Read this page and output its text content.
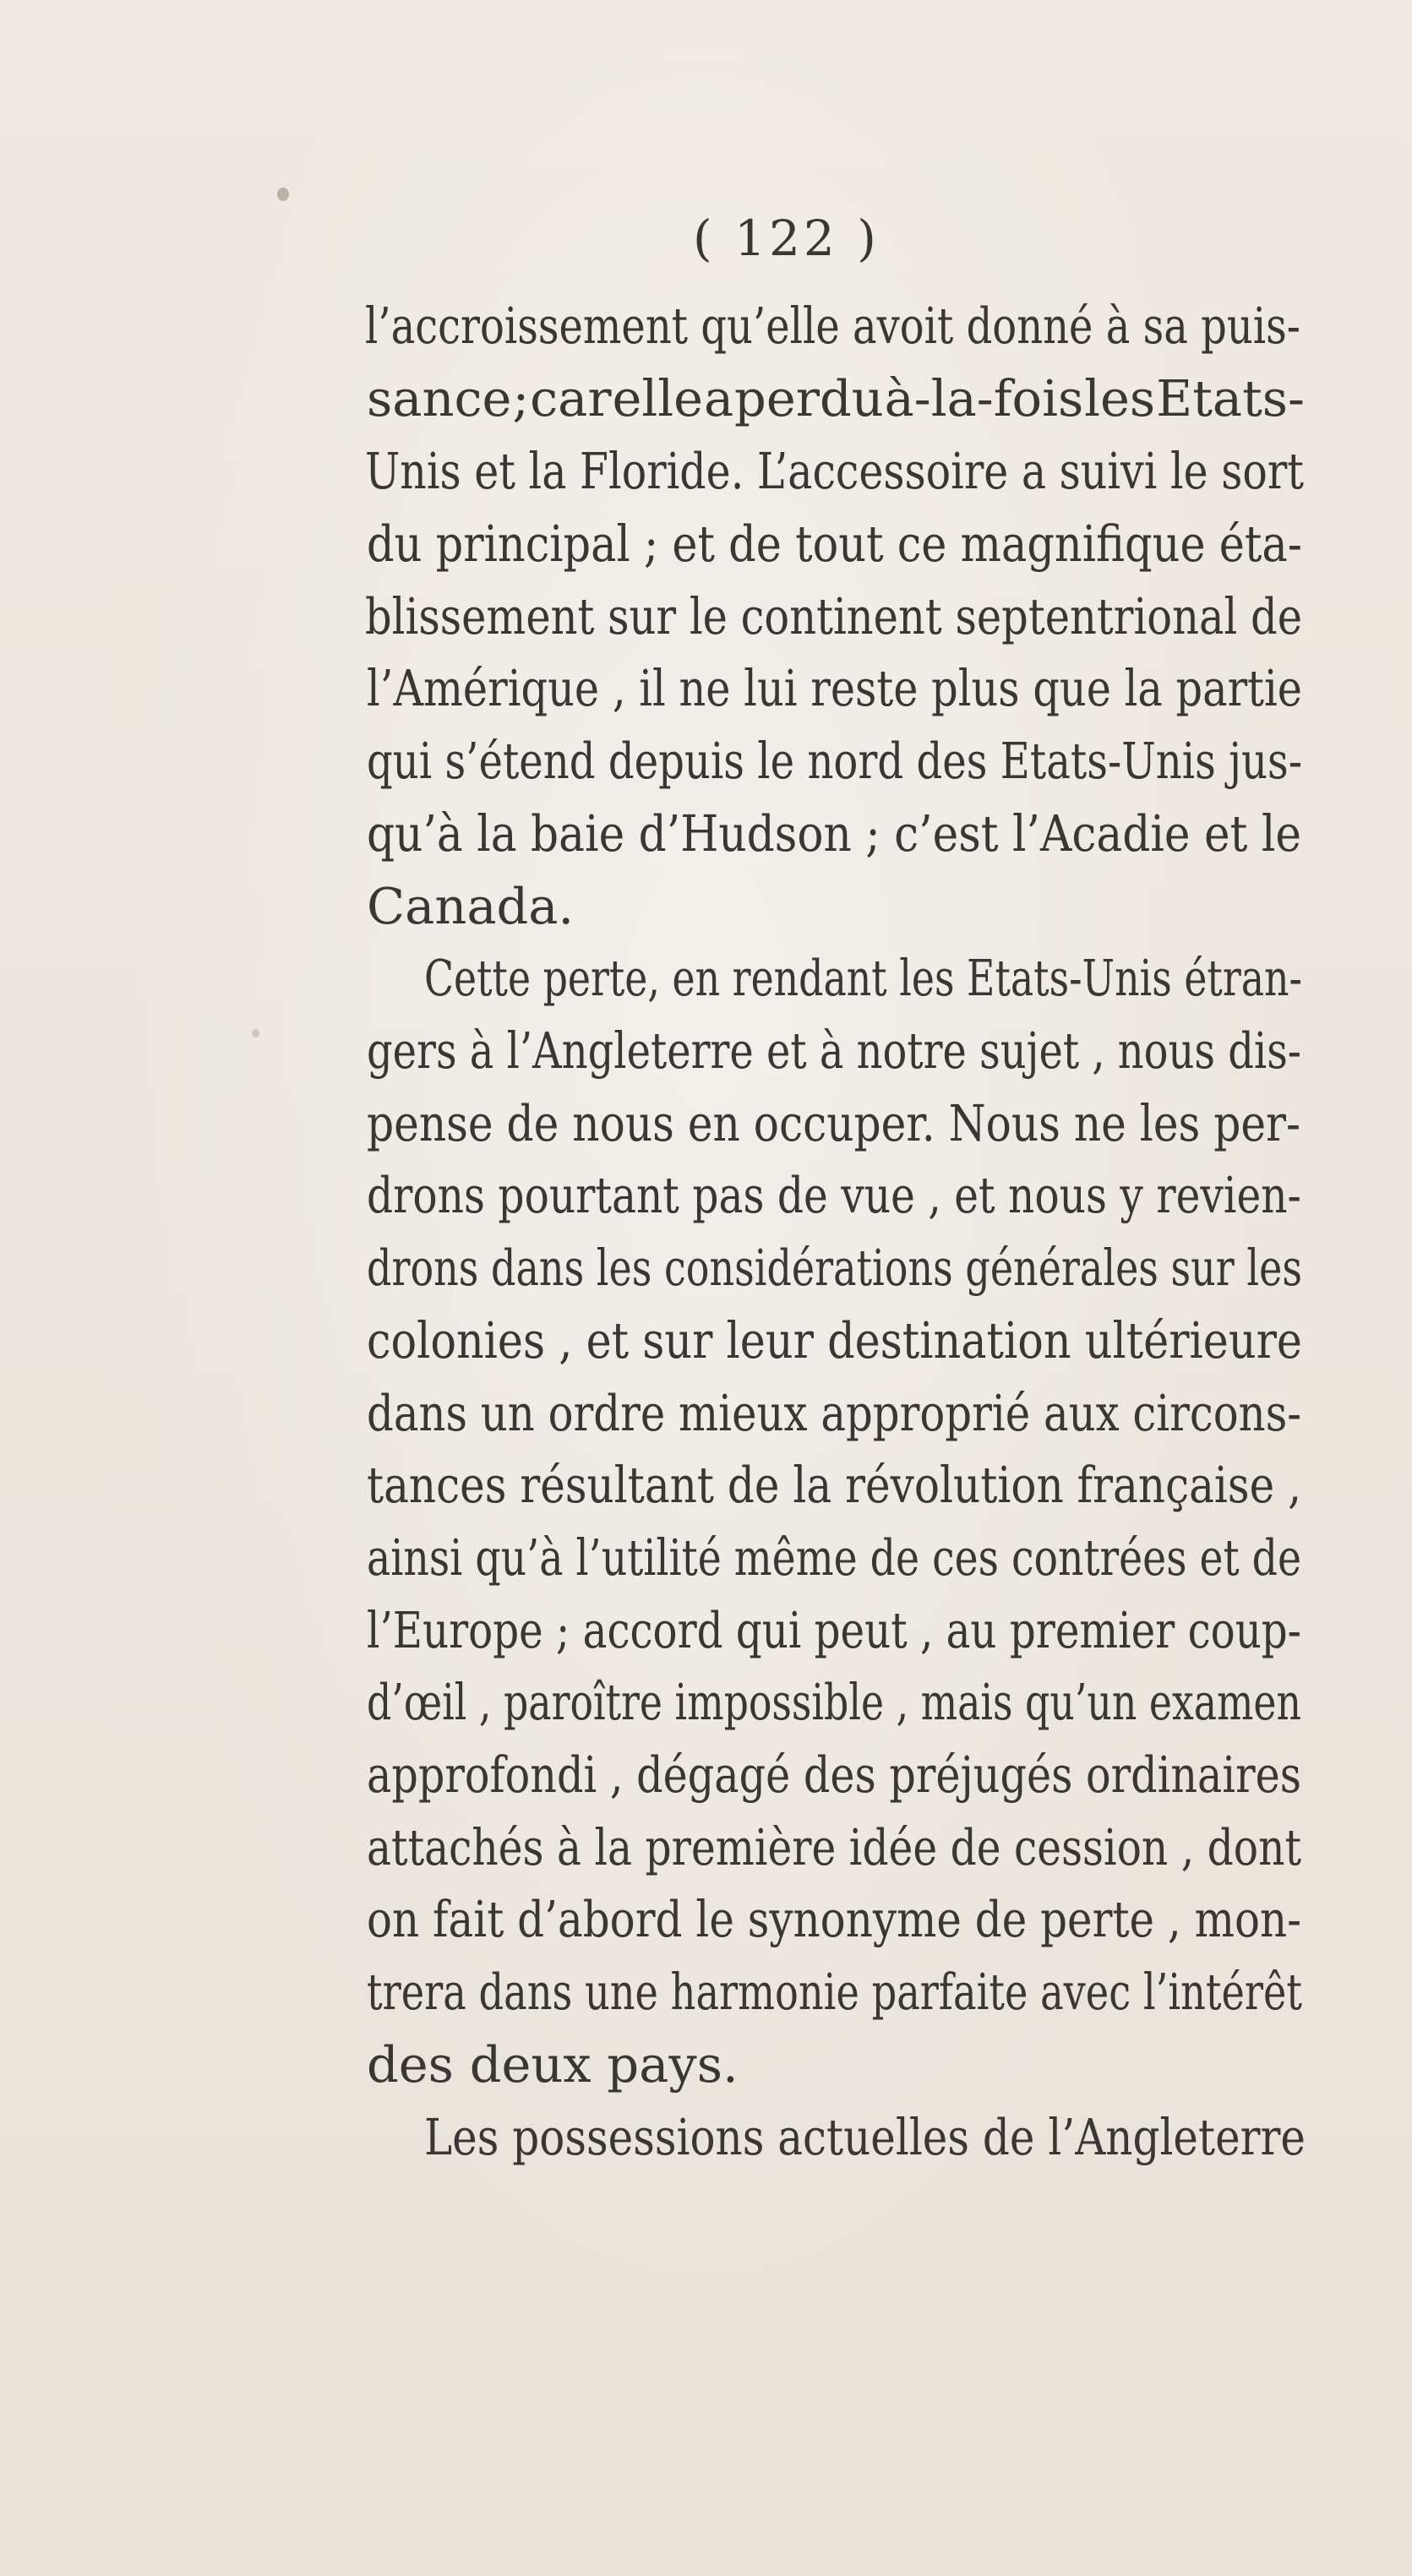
( 122 )
l’accroissement qu’elle avoit donné à sa puis-
sance ; car elle a perdu à-la-fois les Etats-
Unis et la Floride. L’accessoire a suivi le sort
du principal ; et de tout ce magnifique éta-
blissement sur le continent septentrional de
l’Amérique , il ne lui reste plus que la partie
qui s’étend depuis le nord des Etats-Unis jus-
qu’à la baie d’Hudson ; c’est l’Acadie et le
Canada.
Cette perte, en rendant les Etats-Unis étran-
gers à l’Angleterre et à notre sujet , nous dis-
pense de nous en occuper. Nous ne les per-
drons pourtant pas de vue , et nous y revien-
drons dans les considérations générales sur les
colonies , et sur leur destination ultérieure
dans un ordre mieux approprié aux circons-
tances résultant de la révolution française ,
ainsi qu’à l’utilité même de ces contrées et de
l’Europe ; accord qui peut , au premier coup-
d’œil , paroître impossible , mais qu’un examen
approfondi , dégagé des préjugés ordinaires
attachés à la première idée de cession , dont
on fait d’abord le synonyme de perte , mon-
trera dans une harmonie parfaite avec l’intérêt
des deux pays.
Les possessions actuelles de l’Angleterre
